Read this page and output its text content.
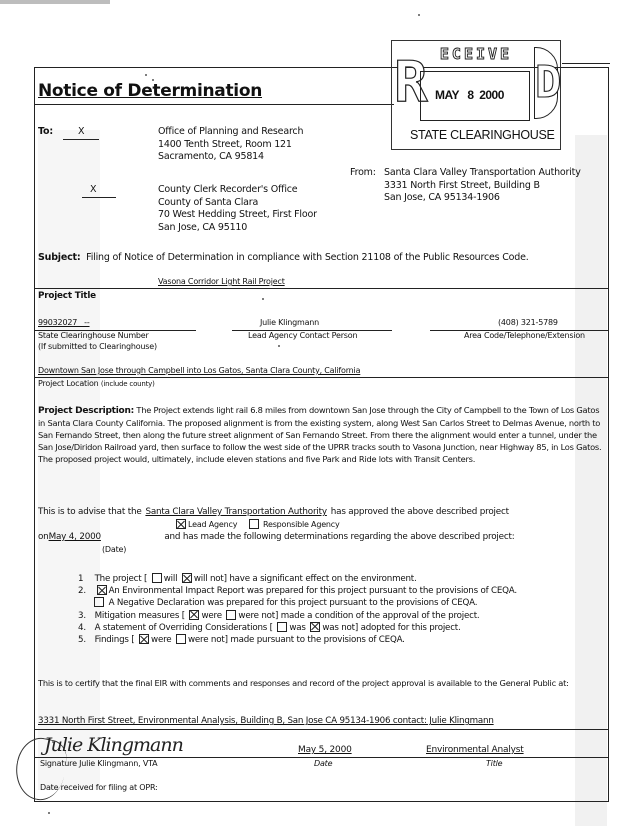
Notice of Determination R ECEIVE
D
MAY   8  2000
STATE CLEARINGHOUSE
To:	X	Office of Planning and Research
1400 Tenth Street, Room 121
Sacramento, CA 95814
X	County Clerk Recorder's Office
County of Santa Clara
70 West Hedding Street, First Floor
San Jose, CA 95110
From: Santa Clara Valley Transportation Authority
3331 North First Street, Building B
San Jose, CA 95134-1906
Subject: Filing of Notice of Determination in compliance with Section 21108 of the Public Resources Code.
Vasona Corridor Light Rail Project
Project Title
99032027   --
State Clearinghouse Number
(If submitted to Clearinghouse)
Julie Klingmann
Lead Agency Contact Person
(408) 321-5789
Area Code/Telephone/Extension
Downtown San Jose through Campbell into Los Gatos, Santa Clara County, California
Project Location (include county)
Project Description: The Project extends light rail 6.8 miles from downtown San Jose through the City of Campbell to the Town of Los Gatos in Santa Clara County California. The proposed alignment is from the existing system, along West San Carlos Street to Delmas Avenue, north to San Fernando Street, then along the future street alignment of San Fernando Street. From there the alignment would enter a tunnel, under the San Jose/Diridon Railroad yard, then surface to follow the west side of the UPRR tracks south to Vasona Junction, near Highway 85, in Los Gatos. The proposed project would, ultimately, include eleven stations and five Park and Ride lots with Transit Centers.
This is to advise that the Santa Clara Valley Transportation Authority has approved the above described project
Lead Agency	Responsible Agency
onMay 4, 2000	and has made the following determinations regarding the above described project:
(Date)
1 The project [ will will not] have a significant effect on the environment.
2.	An Environmental Impact Report was prepared for this project pursuant to the provisions of CEQA.
A Negative Declaration was prepared for this project pursuant to the provisions of CEQA.
3. Mitigation measures [ were were not] made a condition of the approval of the project.
4. A statement of Overriding Considerations [ was was not] adopted for this project.
5. Findings [ were were not] made pursuant to the provisions of CEQA.
This is to certify that the final EIR with comments and responses and record of the project approval is available to the General Public at:
3331 North First Street, Environmental Analysis, Building B, San Jose CA 95134-1906 contact: Julie Klingmann
Julie Klingmann
Signature Julie Klingmann, VTA
May 5, 2000
Date
Environmental Analyst
Title
Date received for filing at OPR:
